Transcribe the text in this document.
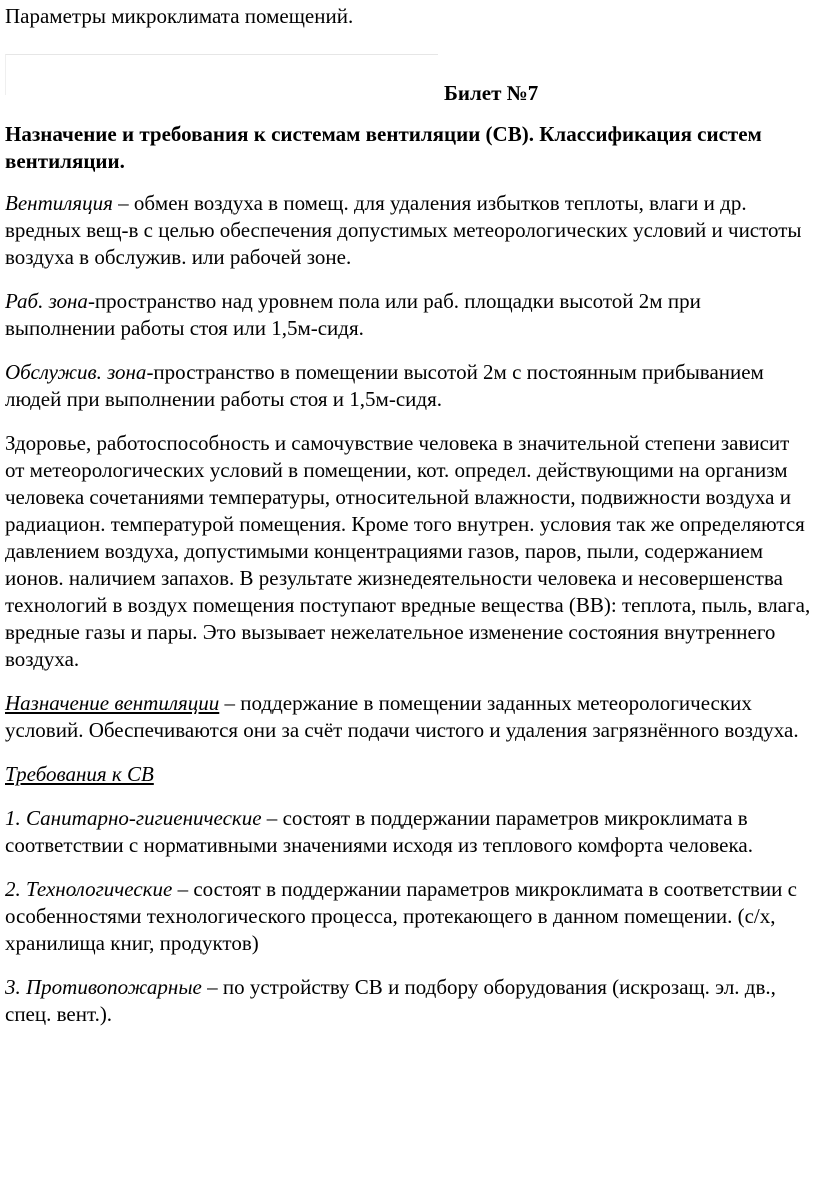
Параметры микроклимата помещений.
Билет №7
Назначение и требования к системам вентиляции (СВ). Классификация систем вентиляции.

Вентиляция – обмен воздуха в помещ. для удаления избытков теплоты, влаги и др. вредных вещ-в с целью обеспечения допустимых метеорологических условий и чистоты воздуха в обслужив. или рабочей зоне.

Раб. зона-пространство над уровнем пола или раб. площадки высотой 2м при выполнении работы стоя или 1,5м-сидя.

Обслужив. зона-пространство в помещении высотой 2м с постоянным прибыванием людей при выполнении работы стоя и 1,5м-сидя.

Здоровье, работоспособность и самочувствие человека в значительной степени зависит от метеорологических условий в помещении, кот. определ. действующими на организм человека сочетаниями температуры, относительной влажности, подвижности воздуха и радиацион. температурой помещения. Кроме того внутрен. условия так же определяются давлением воздуха, допустимыми концентрациями газов, паров, пыли, содержанием ионов. наличием запахов. В результате жизнедеятельности человека и несовершенства технологий в воздух помещения поступают вредные вещества (ВВ): теплота, пыль, влага, вредные газы и пары. Это вызывает нежелательное изменение состояния внутреннего воздуха.

Назначение вентиляции – поддержание в помещении заданных метеорологических условий. Обеспечиваются они за счёт подачи чистого и удаления загрязнённого воздуха.

Требования к СВ

1. Санитарно-гигиенические – состоят в поддержании параметров микроклимата в соответствии с нормативными значениями исходя из теплового комфорта человека.

2. Технологические – состоят в поддержании параметров микроклимата в соответствии с особенностями технологического процесса, протекающего в данном помещении. (с/х, хранилища книг, продуктов)

3. Противопожарные – по устройству СВ и подбору оборудования (искрозащ. эл. дв., спец. вент.).
